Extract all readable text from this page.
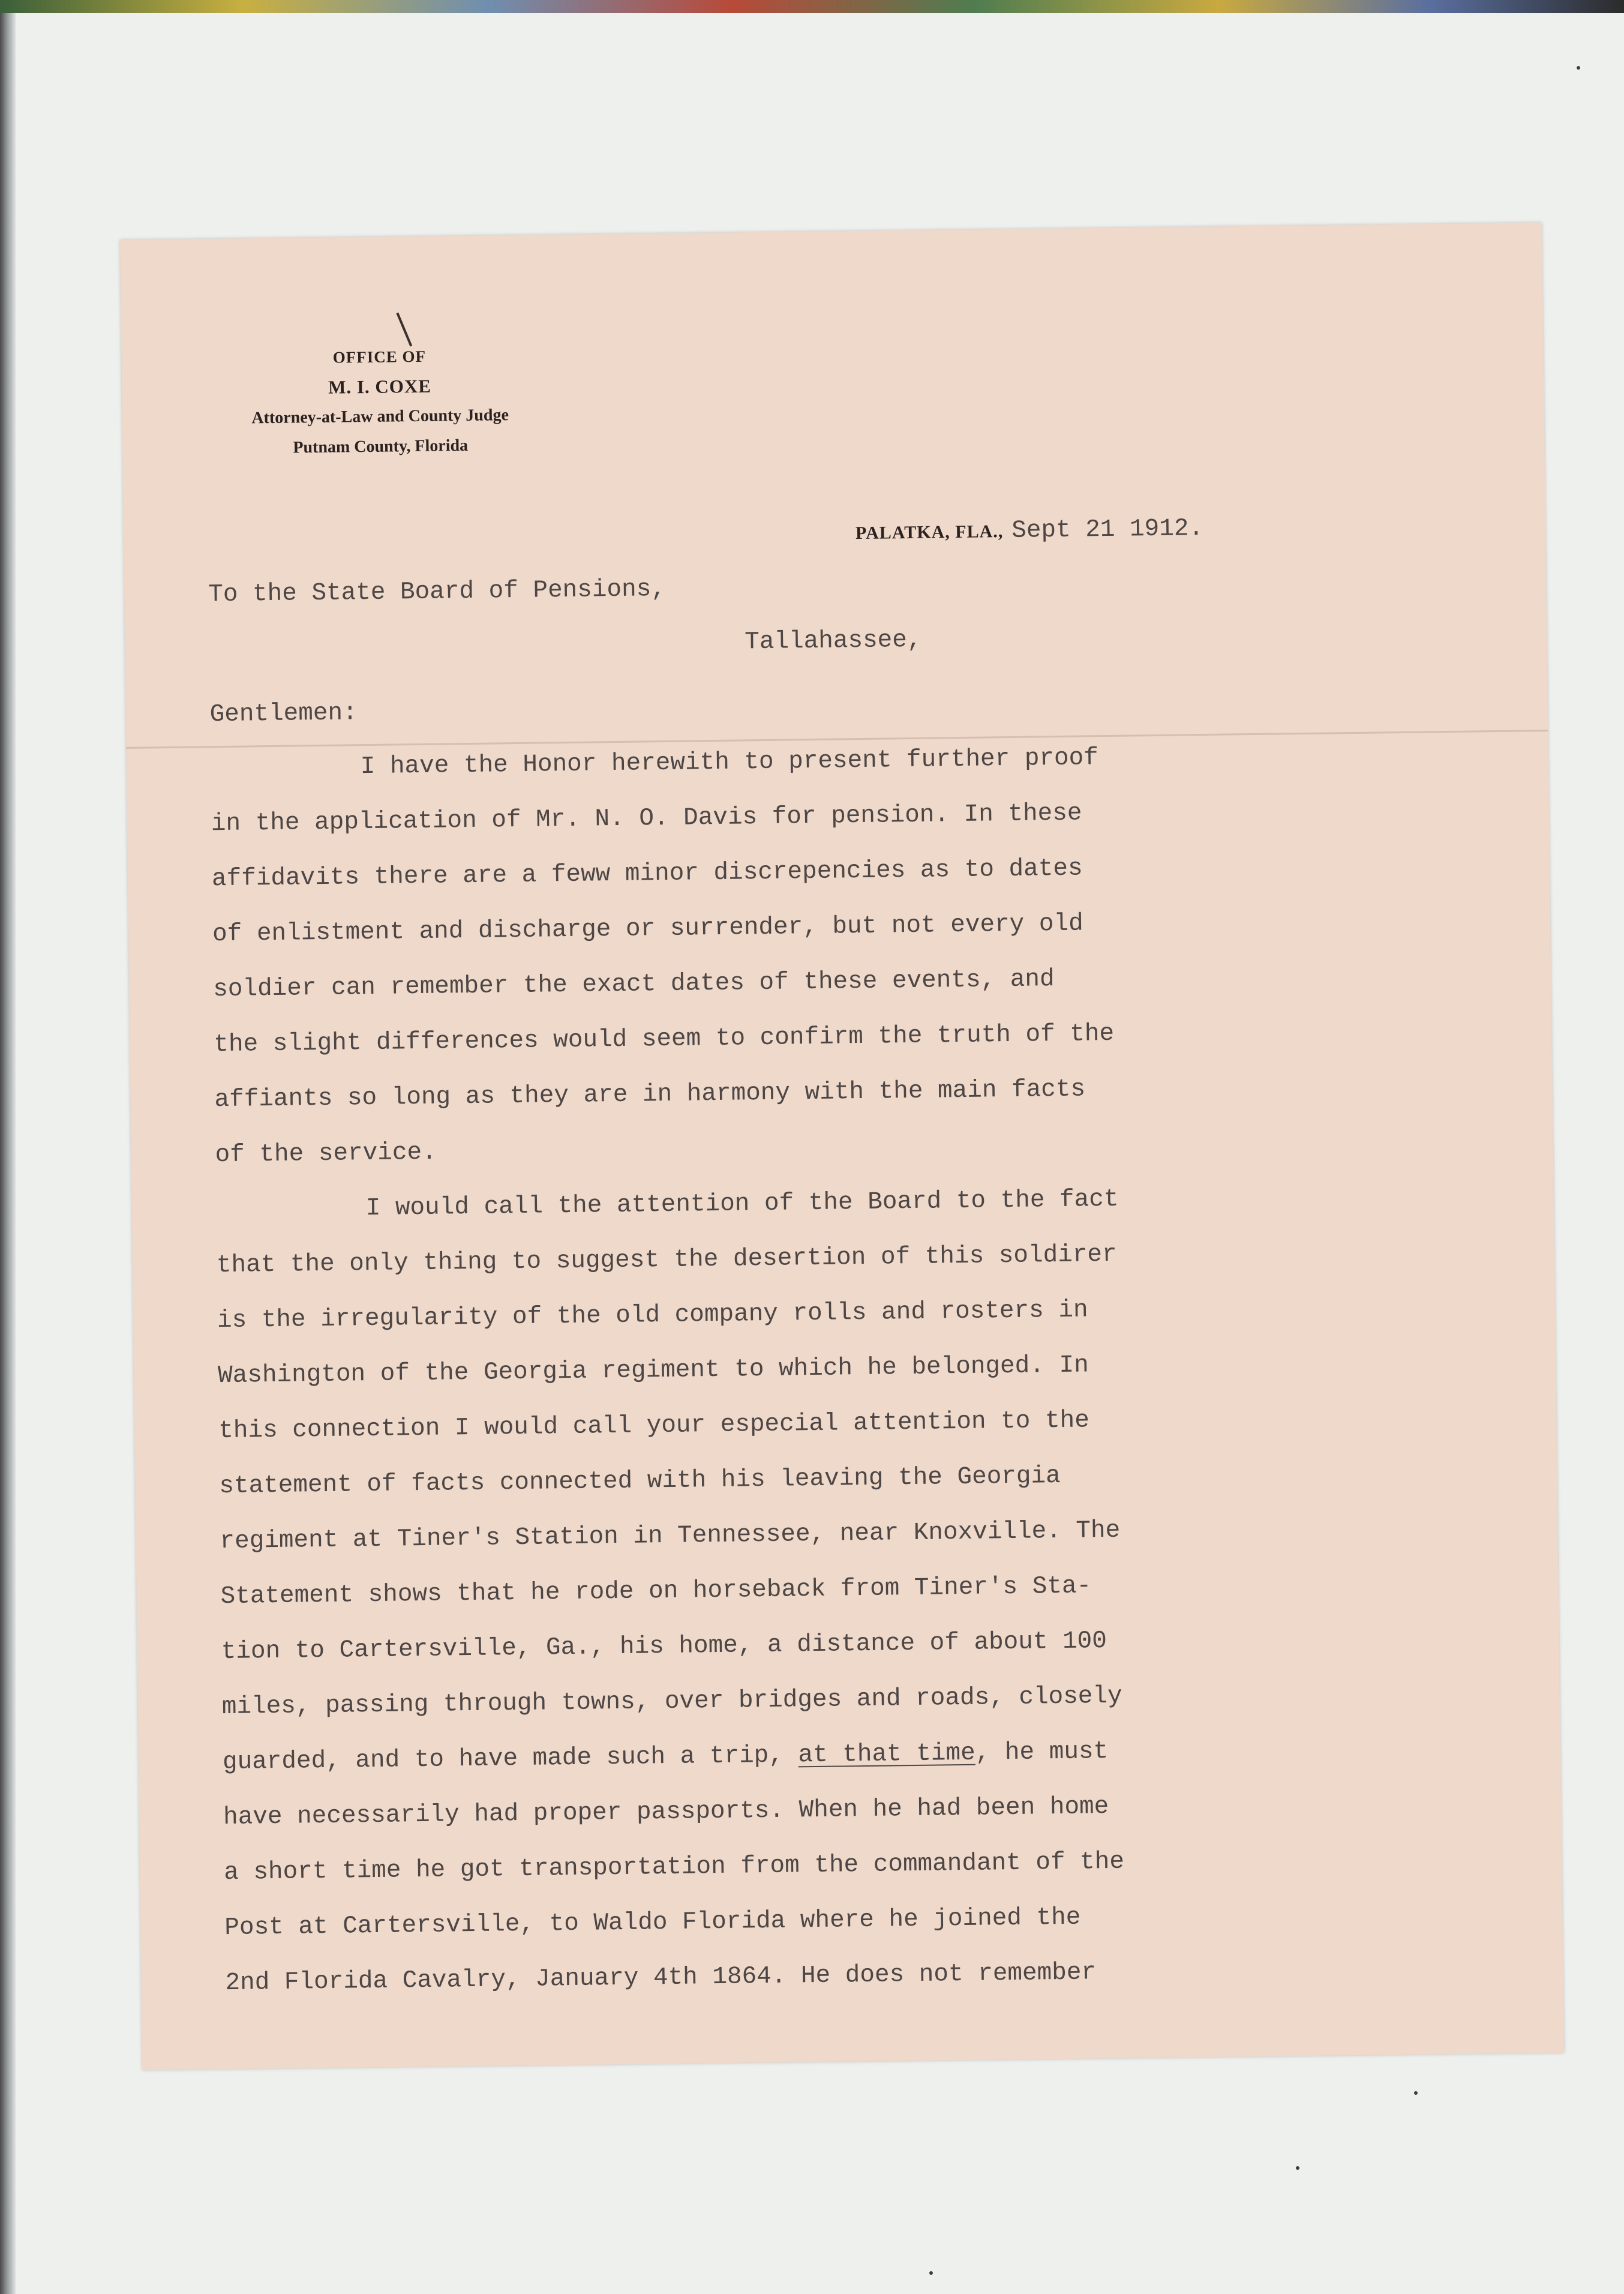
OFFICE OF
M. I. COXE
Attorney-at-Law and County Judge
Putnam County, Florida
PALATKA, FLA., Sept 21 1912.
To the State Board of Pensions,
Tallahassee,
Gentlemen:
I have the Honor herewith to present further proof
in the application of Mr. N. O. Davis for pension. In these
affidavits there are a feww minor discrepencies as to dates
of enlistment and discharge or surrender, but not every old
soldier can remember the exact dates of these events, and
the slight differences would seem to confirm the truth of the
affiants so long as they are in harmony with the main facts
of the service.
I would call the attention of the Board to the fact
that the only thing to suggest the desertion of this soldirer
is the irregularity of the old company rolls and rosters in
Washington of the Georgia regiment to which he belonged. In
this connection I would call your especial attention to the
statement of facts connected with his leaving the Georgia
regiment at Tiner's Station in Tennessee, near Knoxville. The
Statement shows that he rode on horseback from Tiner's Sta-
tion to Cartersville, Ga., his home, a distance of about 100
miles, passing through towns, over bridges and roads, closely
guarded, and to have made such a trip, at that time, he must
have necessarily had proper passports. When he had been home
a short time he got transportation from the commandant of the
Post at Cartersville, to Waldo Florida where he joined the
2nd Florida Cavalry, January 4th 1864. He does not remember
